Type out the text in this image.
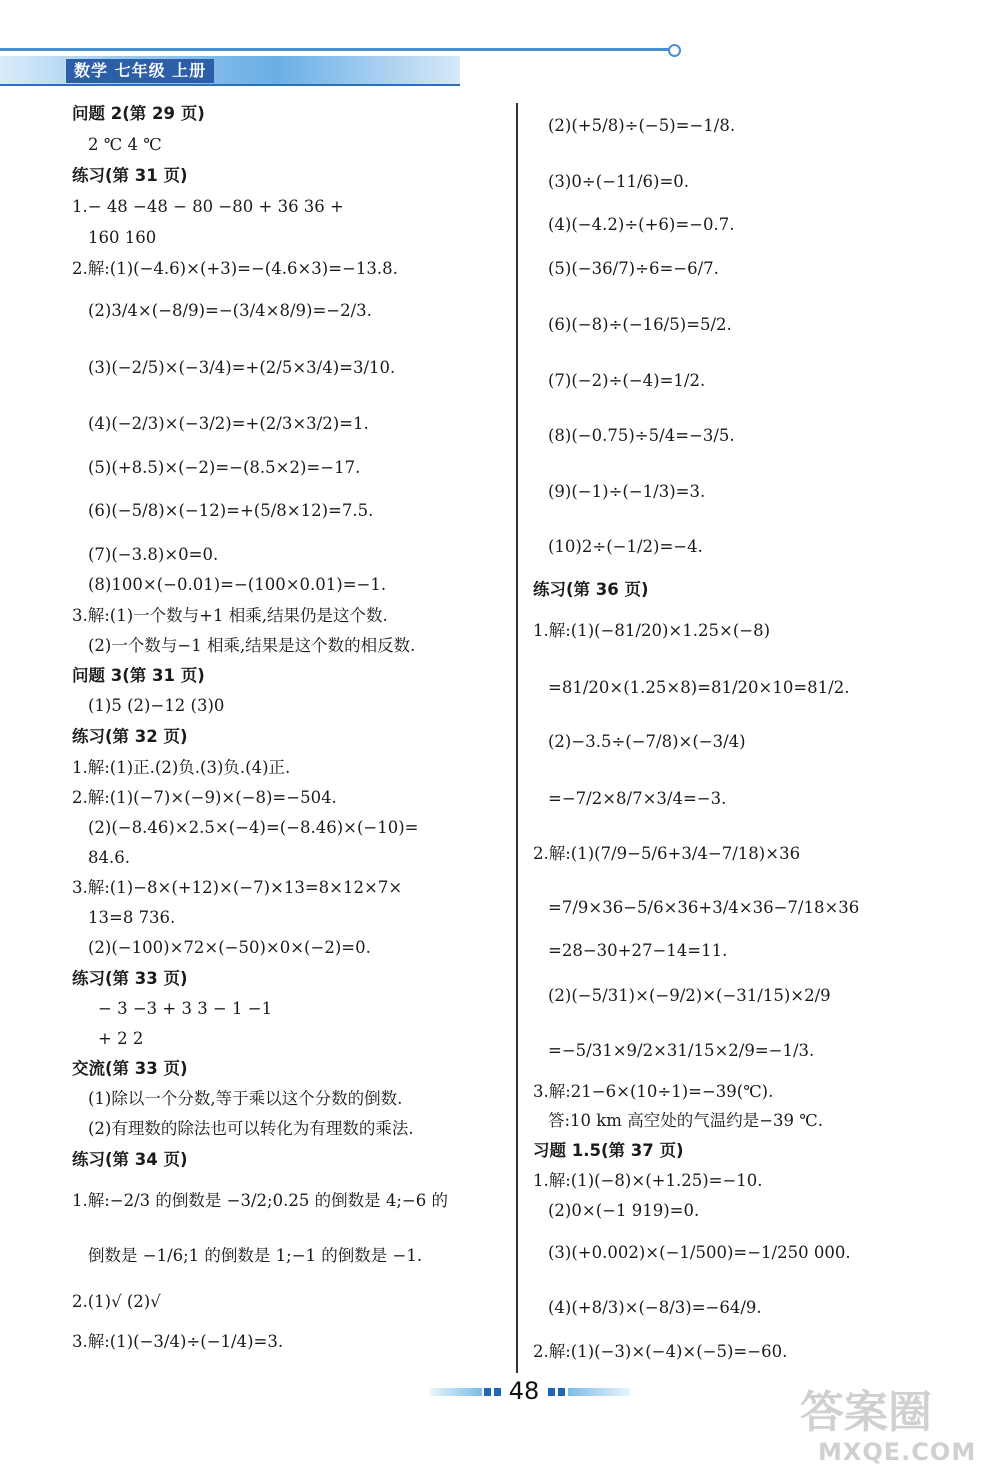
数学 七年级 上册
问题 2(第 29 页)
2 ℃ 4 ℃
练习(第 31 页)
1.− 48 −48 − 80 −80 + 36 36 +
160 160
2.解:(1)(−4.6)×(+3)=−(4.6×3)=−13.8.
(2)3/4×(−8/9)=−(3/4×8/9)=−2/3.
(3)(−2/5)×(−3/4)=+(2/5×3/4)=3/10.
(4)(−2/3)×(−3/2)=+(2/3×3/2)=1.
(5)(+8.5)×(−2)=−(8.5×2)=−17.
(6)(−5/8)×(−12)=+(5/8×12)=7.5.
(7)(−3.8)×0=0.
(8)100×(−0.01)=−(100×0.01)=−1.
3.解:(1)一个数与+1 相乘,结果仍是这个数.
(2)一个数与−1 相乘,结果是这个数的相反数.
问题 3(第 31 页)
(1)5 (2)−12 (3)0
练习(第 32 页)
1.解:(1)正.(2)负.(3)负.(4)正.
2.解:(1)(−7)×(−9)×(−8)=−504.
(2)(−8.46)×2.5×(−4)=(−8.46)×(−10)=
84.6.
3.解:(1)−8×(+12)×(−7)×13=8×12×7×
13=8 736.
(2)(−100)×72×(−50)×0×(−2)=0.
练习(第 33 页)
− 3 −3 + 3 3 − 1 −1
+ 2 2
交流(第 33 页)
(1)除以一个分数,等于乘以这个分数的倒数.
(2)有理数的除法也可以转化为有理数的乘法.
练习(第 34 页)
1.解:−2/3 的倒数是 −3/2;0.25 的倒数是 4;−6 的
倒数是 −1/6;1 的倒数是 1;−1 的倒数是 −1.
2.(1)√ (2)√
3.解:(1)(−3/4)÷(−1/4)=3.
(2)(+5/8)÷(−5)=−1/8.
(3)0÷(−11/6)=0.
(4)(−4.2)÷(+6)=−0.7.
(5)(−36/7)÷6=−6/7.
(6)(−8)÷(−16/5)=5/2.
(7)(−2)÷(−4)=1/2.
(8)(−0.75)÷5/4=−3/5.
(9)(−1)÷(−1/3)=3.
(10)2÷(−1/2)=−4.
练习(第 36 页)
1.解:(1)(−81/20)×1.25×(−8)
=81/20×(1.25×8)=81/20×10=81/2.
(2)−3.5÷(−7/8)×(−3/4)
=−7/2×8/7×3/4=−3.
2.解:(1)(7/9−5/6+3/4−7/18)×36
=7/9×36−5/6×36+3/4×36−7/18×36
=28−30+27−14=11.
(2)(−5/31)×(−9/2)×(−31/15)×2/9
=−5/31×9/2×31/15×2/9=−1/3.
3.解:21−6×(10÷1)=−39(℃).
答:10 km 高空处的气温约是−39 ℃.
习题 1.5(第 37 页)
1.解:(1)(−8)×(+1.25)=−10.
(2)0×(−1 919)=0.
(3)(+0.002)×(−1/500)=−1/250 000.
(4)(+8/3)×(−8/3)=−64/9.
2.解:(1)(−3)×(−4)×(−5)=−60.
48	答案圈
MXQE.COM
